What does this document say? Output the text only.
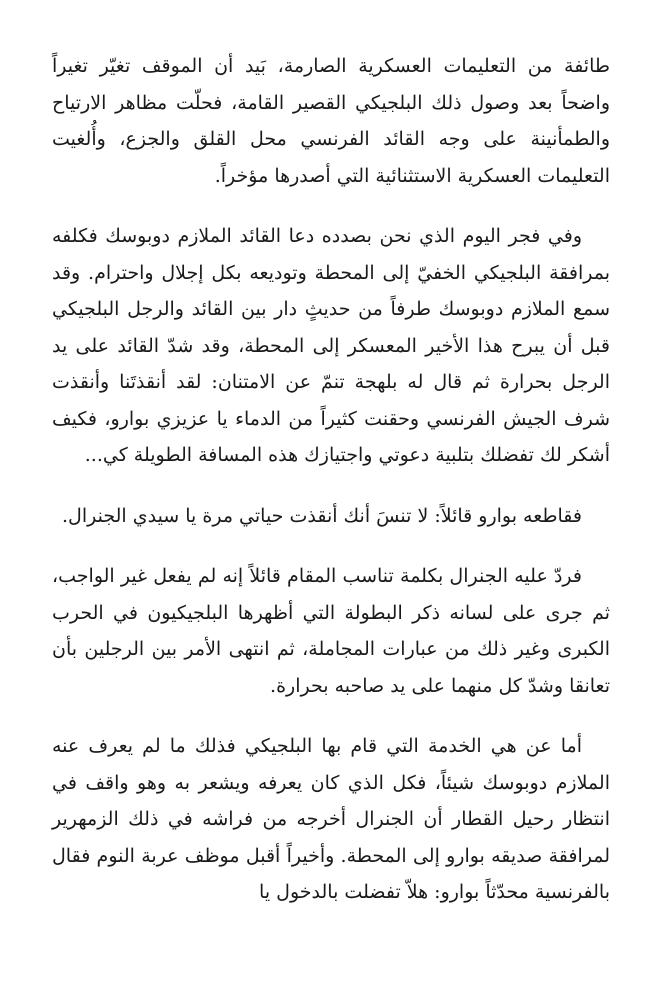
طائفة من التعليمات العسكرية الصارمة، بَيد أن الموقف تغيّر تغيراً واضحاً بعد وصول ذلك البلجيكي القصير القامة، فحلّت مظاهر الارتياح والطمأنينة على وجه القائد الفرنسي محل القلق والجزع، وأُلغيت التعليمات العسكرية الاستثنائية التي أصدرها مؤخراً.

وفي فجر اليوم الذي نحن بصدده دعا القائد الملازم دوبوسك فكلفه بمرافقة البلجيكي الخفيّ إلى المحطة وتوديعه بكل إجلال واحترام. وقد سمع الملازم دوبوسك طرفاً من حديثٍ دار بين القائد والرجل البلجيكي قبل أن يبرح هذا الأخير المعسكر إلى المحطة، وقد شدّ القائد على يد الرجل بحرارة ثم قال له بلهجة تنمّ عن الامتنان: لقد أنقذتَنا وأنقذت شرف الجيش الفرنسي وحقنت كثيراً من الدماء يا عزيزي بوارو، فكيف أشكر لك تفضلك بتلبية دعوتي واجتيازك هذه المسافة الطويلة كي...

فقاطعه بوارو قائلاً: لا تنسَ أنك أنقذت حياتي مرة يا سيدي الجنرال.

فردّ عليه الجنرال بكلمة تناسب المقام قائلاً إنه لم يفعل غير الواجب، ثم جرى على لسانه ذكر البطولة التي أظهرها البلجيكيون في الحرب الكبرى وغير ذلك من عبارات المجاملة، ثم انتهى الأمر بين الرجلين بأن تعانقا وشدّ كل منهما على يد صاحبه بحرارة.

أما عن هي الخدمة التي قام بها البلجيكي فذلك ما لم يعرف عنه الملازم دوبوسك شيئاً، فكل الذي كان يعرفه ويشعر به وهو واقف في انتظار رحيل القطار أن الجنرال أخرجه من فراشه في ذلك الزمهرير لمرافقة صديقه بوارو إلى المحطة. وأخيراً أقبل موظف عربة النوم فقال بالفرنسية محدّثاً بوارو: هلاّ تفضلت بالدخول يا
